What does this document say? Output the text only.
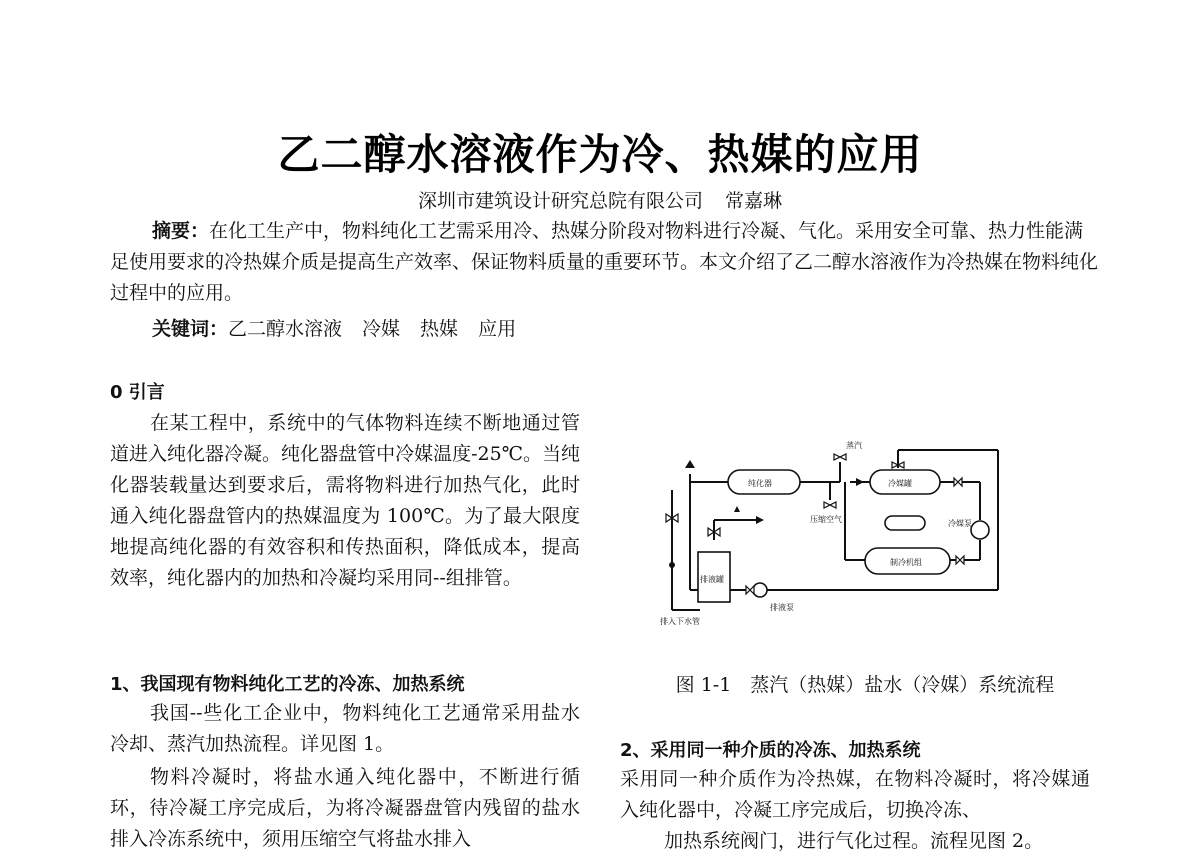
乙二醇水溶液作为冷、热媒的应用
深圳市建筑设计研究总院有限公司 常嘉琳

摘要：在化工生产中，物料纯化工艺需采用冷、热媒分阶段对物料进行冷凝、气化。采用安全可靠、热力性能满足使用要求的冷热媒介质是提高生产效率、保证物料质量的重要环节。本文介绍了乙二醇水溶液作为冷热媒在物料纯化过程中的应用。

关键词：乙二醇水溶液 冷媒 热媒 应用
0 引言

在某工程中，系统中的气体物料连续不断地通过管道进入纯化器冷凝。纯化器盘管中冷媒温度-25℃。当纯化器装载量达到要求后，需将物料进行加热气化，此时通入纯化器盘管内的热媒温度为 100℃。为了最大限度地提高纯化器的有效容积和传热面积，降低成本，提高效率，纯化器内的加热和冷凝均采用同--组排管。

1、我国现有物料纯化工艺的冷冻、加热系统

我国--些化工企业中，物料纯化工艺通常采用盐水冷却、蒸汽加热流程。详见图 1。

物料冷凝时，将盐水通入纯化器中，不断进行循环，待冷凝工序完成后，为将冷凝器盘管内残留的盐水排入冷冻系统中，须用压缩空气将盐水排入

蒸汽
纯化器	冷媒罐
压缩空气
制冷机组
冷媒泵
排液罐
排液泵
排入下水管
图 1-1　蒸汽（热媒）盐水（冷媒）系统流程
2、采用同一种介质的冷冻、加热系统

采用同一种介质作为冷热媒，在物料冷凝时，将冷媒通入纯化器中，冷凝工序完成后，切换冷冻、

加热系统阀门，进行气化过程。流程见图 2。
